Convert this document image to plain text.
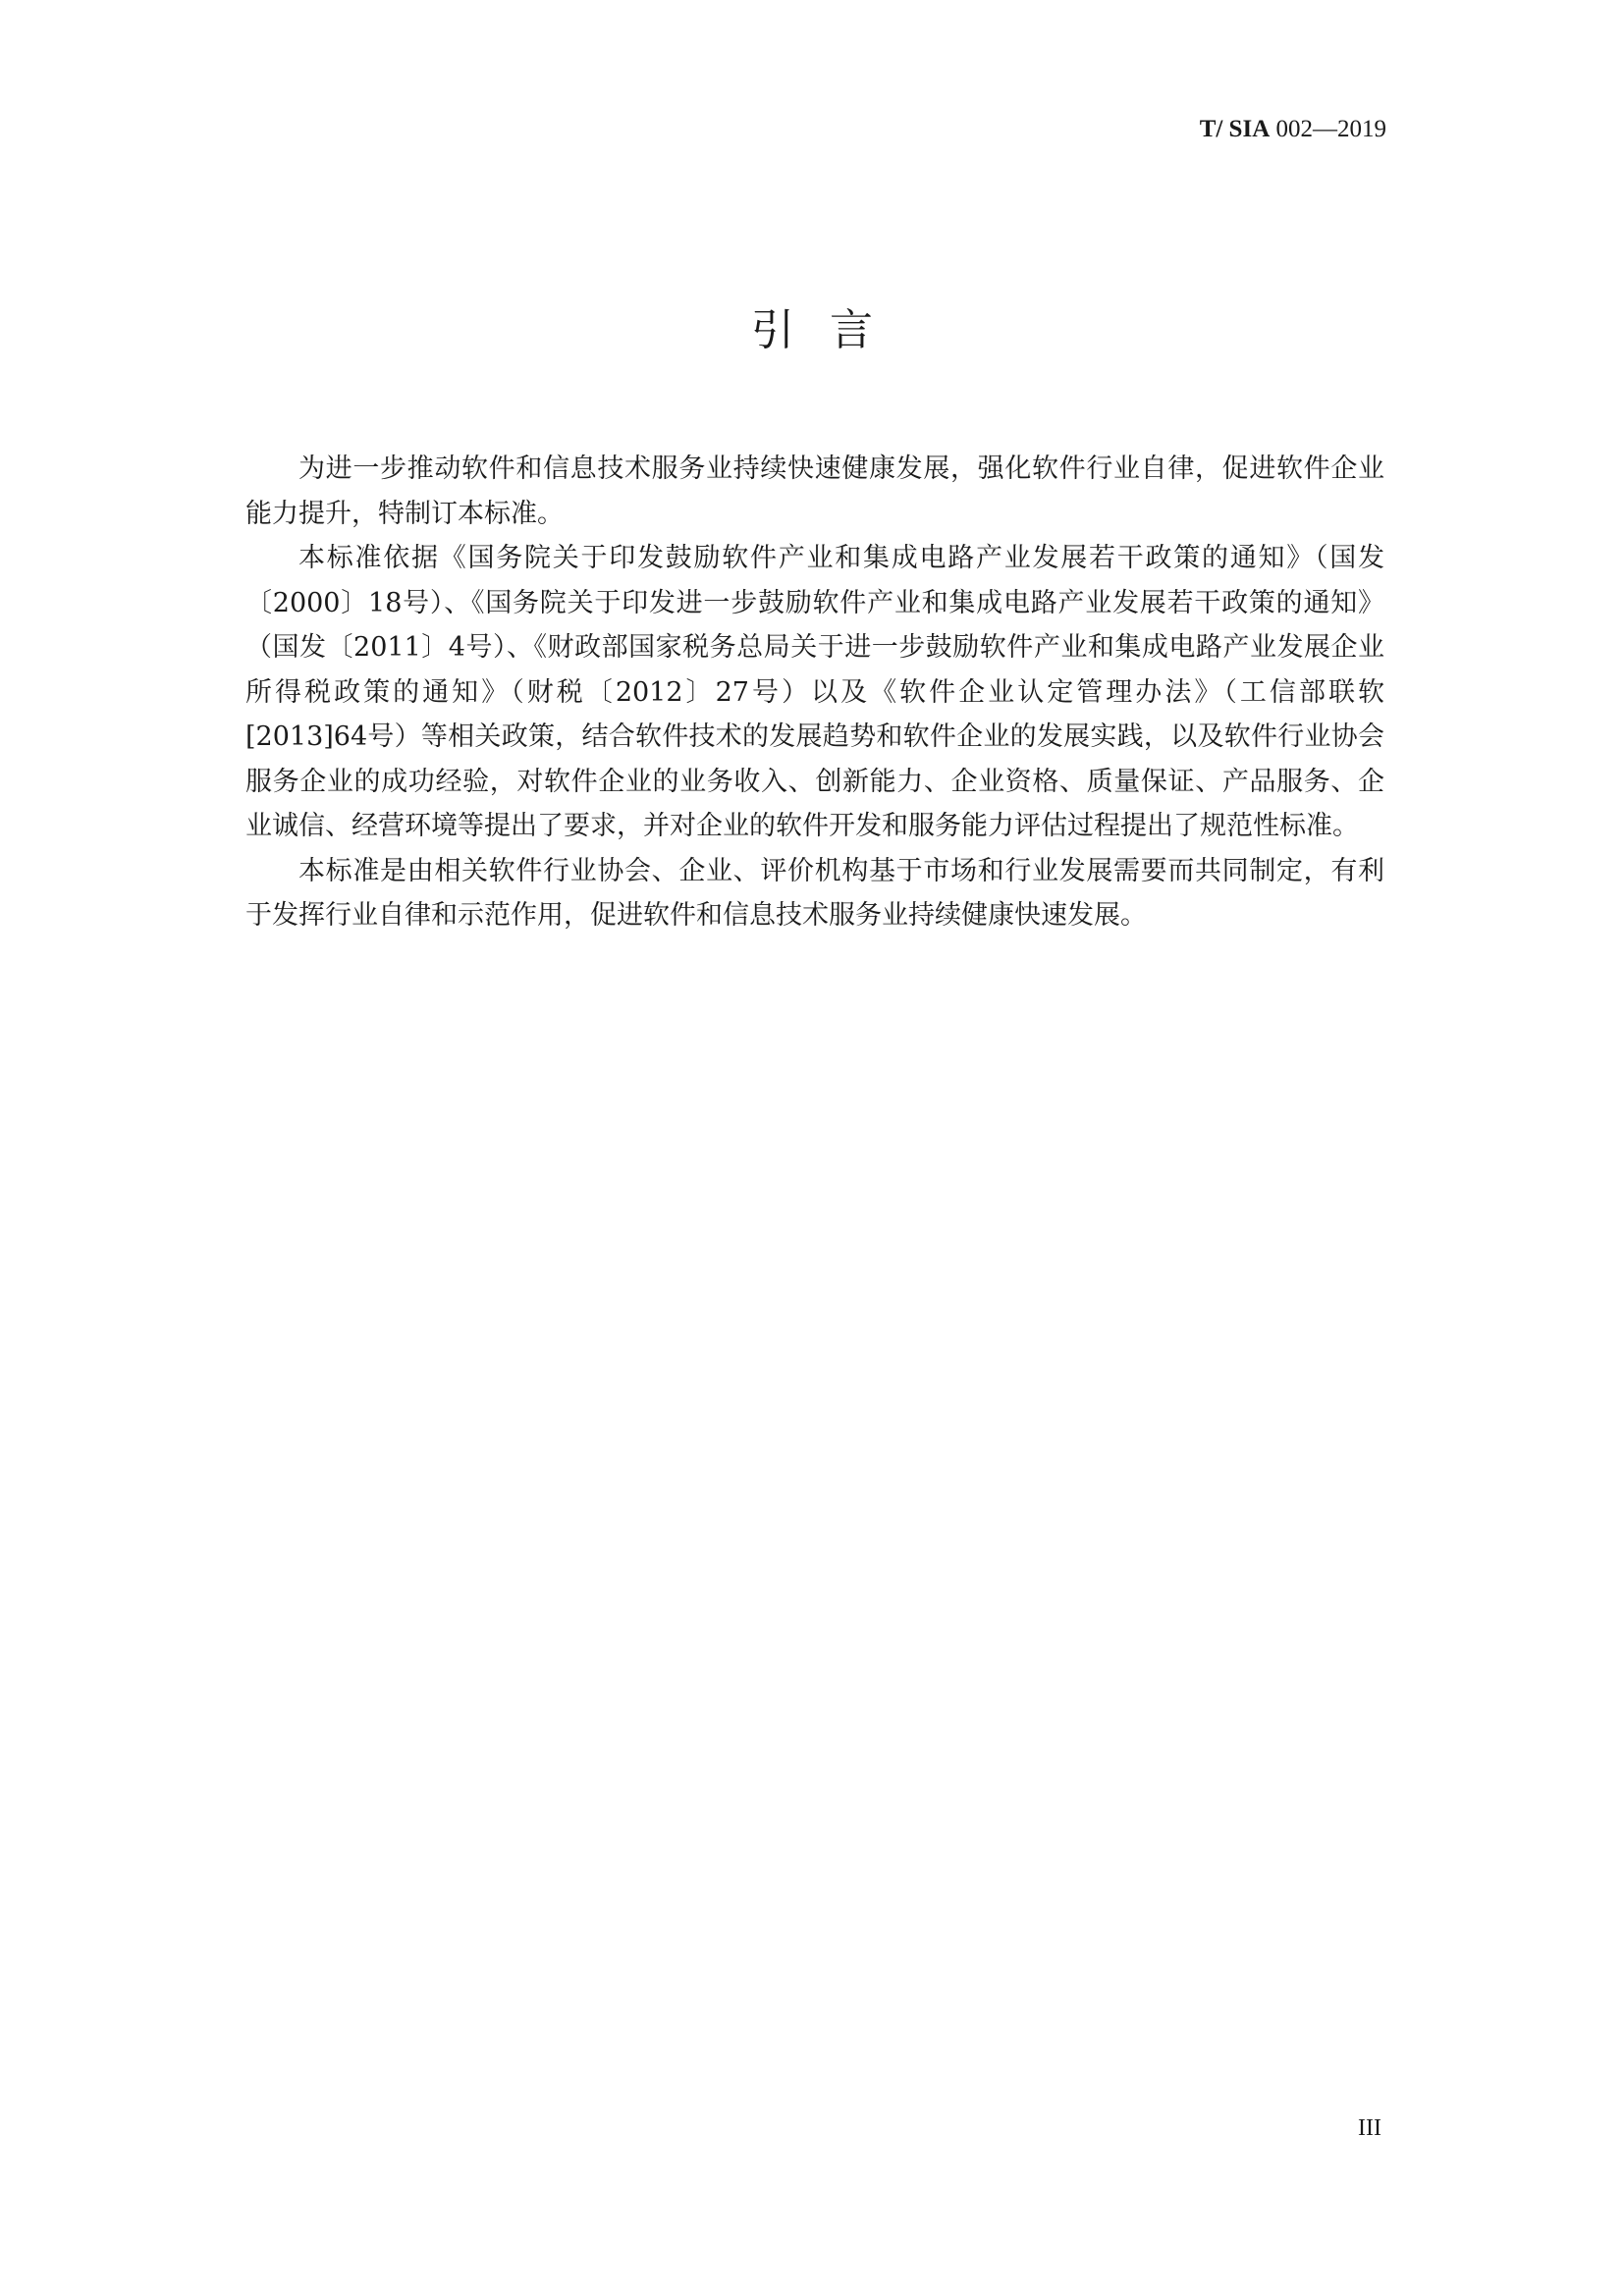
T/ SIA 002—2019
引言

为进一步推动软件和信息技术服务业持续快速健康发展，强化软件行业自律，促进软件企业能力提升，特制订本标准。

本标准依据《国务院关于印发鼓励软件产业和集成电路产业发展若干政策的通知》（国发〔2000〕18号）、《国务院关于印发进一步鼓励软件产业和集成电路产业发展若干政策的通知》（国发〔2011〕4号）、《财政部国家税务总局关于进一步鼓励软件产业和集成电路产业发展企业所得税政策的通知》（财税〔2012〕27号）以及《软件企业认定管理办法》（工信部联软[2013]64号）等相关政策，结合软件技术的发展趋势和软件企业的发展实践，以及软件行业协会服务企业的成功经验，对软件企业的业务收入、创新能力、企业资格、质量保证、产品服务、企业诚信、经营环境等提出了要求，并对企业的软件开发和服务能力评估过程提出了规范性标准。

本标准是由相关软件行业协会、企业、评价机构基于市场和行业发展需要而共同制定，有利于发挥行业自律和示范作用，促进软件和信息技术服务业持续健康快速发展。

III
